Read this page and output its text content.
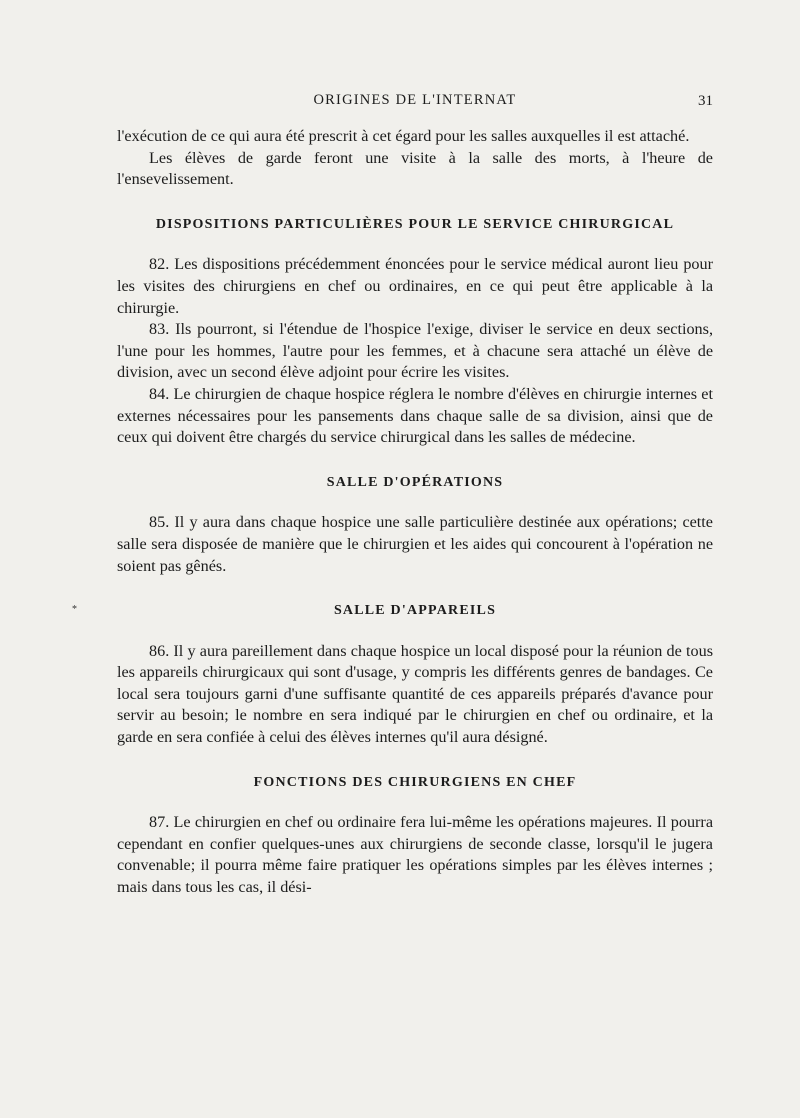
ORIGINES DE L'INTERNAT	31
*

l'exécution de ce qui aura été prescrit à cet égard pour les salles auxquelles il est attaché.

Les élèves de garde feront une visite à la salle des morts, à l'heure de l'ensevelissement.

DISPOSITIONS PARTICULIÈRES POUR LE SERVICE CHIRURGICAL

82. Les dispositions précédemment énoncées pour le service médical auront lieu pour les visites des chirurgiens en chef ou ordinaires, en ce qui peut être applicable à la chirurgie.

83. Ils pourront, si l'étendue de l'hospice l'exige, diviser le service en deux sections, l'une pour les hommes, l'autre pour les femmes, et à chacune sera attaché un élève de division, avec un second élève adjoint pour écrire les visites.

84. Le chirurgien de chaque hospice réglera le nombre d'élèves en chirurgie internes et externes nécessaires pour les pansements dans chaque salle de sa division, ainsi que de ceux qui doivent être chargés du service chirurgical dans les salles de médecine.

SALLE D'OPÉRATIONS

85. Il y aura dans chaque hospice une salle particulière destinée aux opérations; cette salle sera disposée de manière que le chirurgien et les aides qui concourent à l'opération ne soient pas gênés.

SALLE D'APPAREILS

86. Il y aura pareillement dans chaque hospice un local disposé pour la réunion de tous les appareils chirurgicaux qui sont d'usage, y compris les différents genres de bandages. Ce local sera toujours garni d'une suffisante quantité de ces appareils préparés d'avance pour servir au besoin; le nombre en sera indiqué par le chirurgien en chef ou ordinaire, et la garde en sera confiée à celui des élèves internes qu'il aura désigné.

FONCTIONS DES CHIRURGIENS EN CHEF

87. Le chirurgien en chef ou ordinaire fera lui-même les opérations majeures. Il pourra cependant en confier quelques-unes aux chirurgiens de seconde classe, lorsqu'il le jugera convenable; il pourra même faire pratiquer les opérations simples par les élèves internes ; mais dans tous les cas, il dési-
